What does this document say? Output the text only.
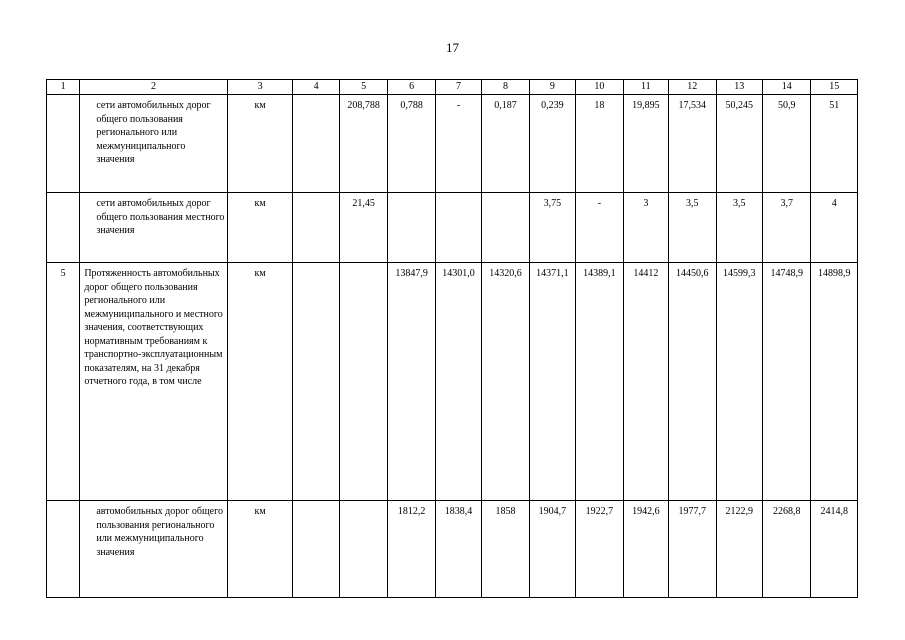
17
1	2	3	4	5	6	7	8	9	10	11	12	13	14	15
	сети автомобильных дорог общего пользования регионального или межмуниципального значения	км		208,788	0,788	-	0,187	0,239	18	19,895	17,534	50,245	50,9	51
	сети автомобильных дорог общего пользования местного значения	км		21,45				3,75	-	3	3,5	3,5	3,7	4
5	Протяженность автомобильных дорог общего пользования регионального или межмуниципального и местного значения, соответствующих нормативным требованиям к транспортно-эксплуатационным показателям, на 31 декабря отчетного года, в том числе	км			13847,9	14301,0	14320,6	14371,1	14389,1	14412	14450,6	14599,3	14748,9	14898,9
	автомобильных дорог общего пользования регионального или межмуниципального значения	км			1812,2	1838,4	1858	1904,7	1922,7	1942,6	1977,7	2122,9	2268,8	2414,8
